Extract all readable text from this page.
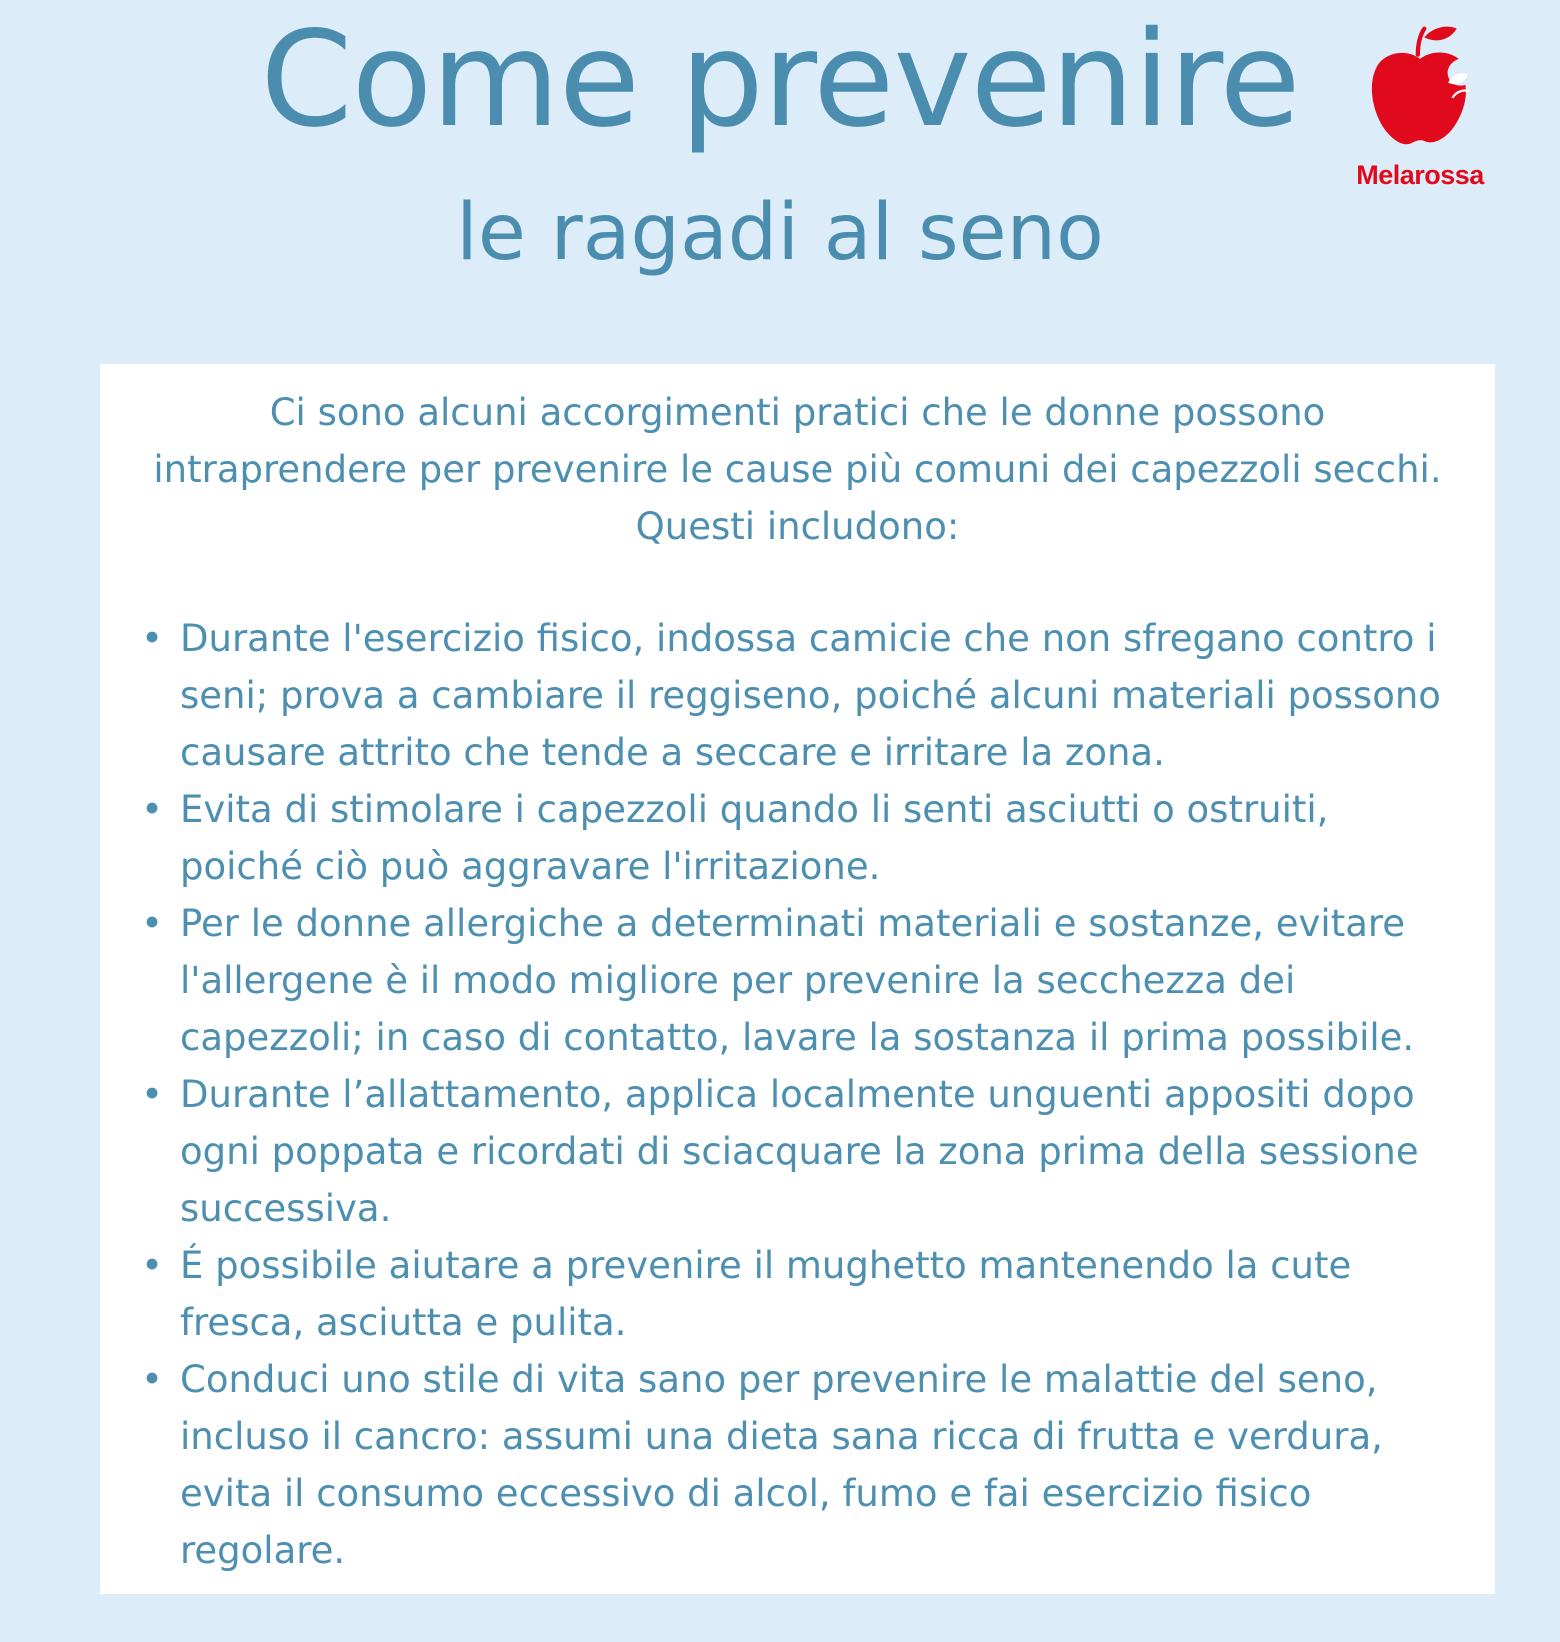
Come prevenire
le ragadi al seno
Melarossa

Ci sono alcuni accorgimenti pratici che le donne possono

intraprendere per prevenire le cause più comuni dei capezzoli secchi.

Questi includono:

• Durante l'esercizio fisico, indossa camicie che non sfregano contro i seni; prova a cambiare il reggiseno, poiché alcuni materiali possono causare attrito che tende a seccare e irritare la zona.
• Evita di stimolare i capezzoli quando li senti asciutti o ostruiti, poiché ciò può aggravare l'irritazione.
• Per le donne allergiche a determinati materiali e sostanze, evitare l'allergene è il modo migliore per prevenire la secchezza dei capezzoli; in caso di contatto, lavare la sostanza il prima possibile.
• Durante l’allattamento, applica localmente unguenti appositi dopo ogni poppata e ricordati di sciacquare la zona prima della sessione successiva.
• É possibile aiutare a prevenire il mughetto mantenendo la cute fresca, asciutta e pulita.
• Conduci uno stile di vita sano per prevenire le malattie del seno, incluso il cancro: assumi una dieta sana ricca di frutta e verdura, evita il consumo eccessivo di alcol, fumo e fai esercizio fisico regolare.
